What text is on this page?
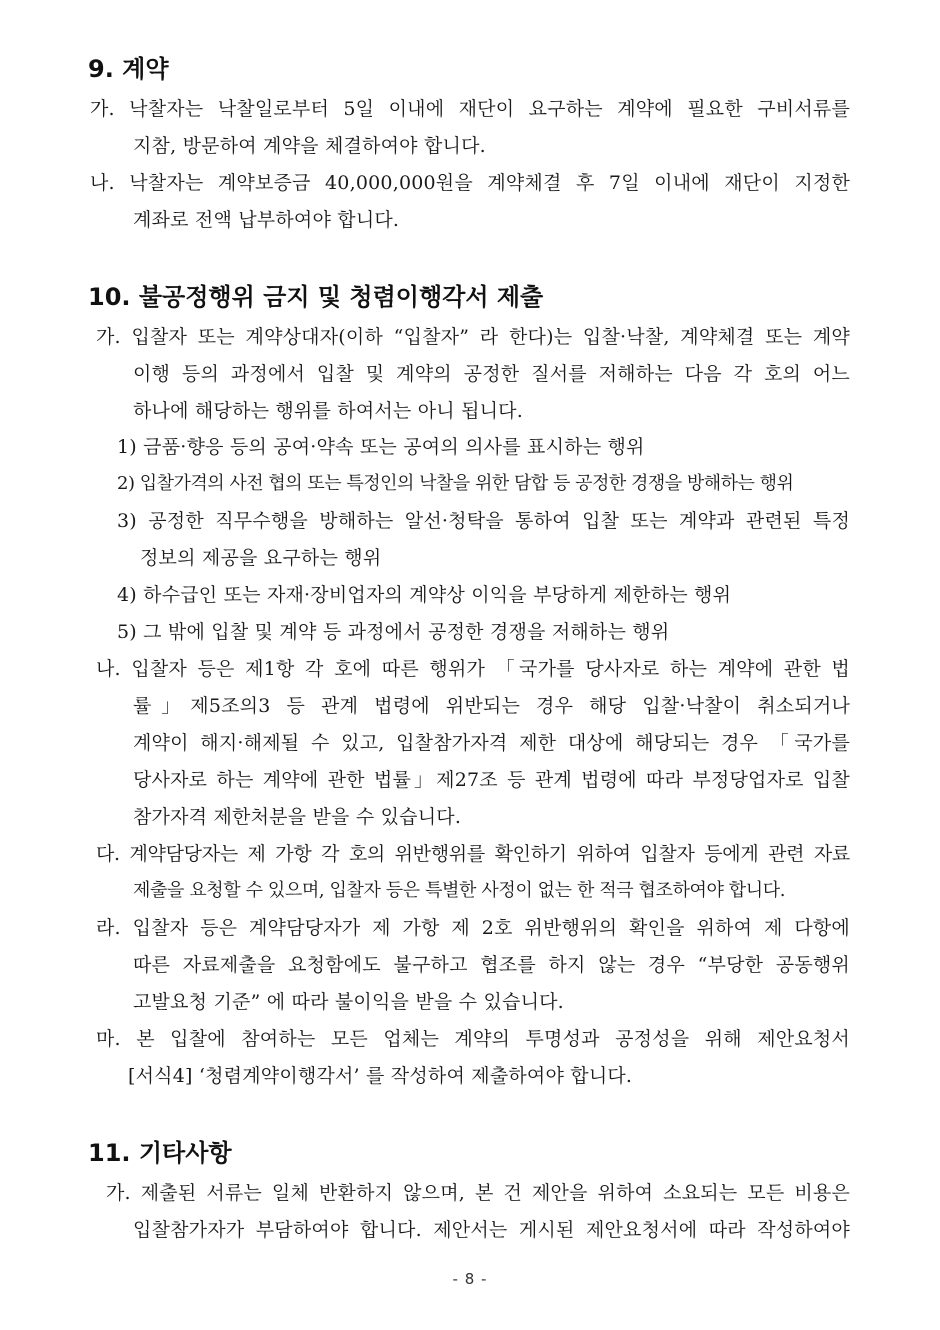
9. 계약
가. 낙찰자는 낙찰일로부터 5일 이내에 재단이 요구하는 계약에 필요한 구비서류를
지참, 방문하여 계약을 체결하여야 합니다.
나. 낙찰자는 계약보증금 40,000,000원을 계약체결 후 7일 이내에 재단이 지정한
계좌로 전액 납부하여야 합니다.
10. 불공정행위 금지 및 청렴이행각서 제출
가. 입찰자 또는 계약상대자(이하 “입찰자” 라 한다)는 입찰·낙찰, 계약체결 또는 계약
이행 등의 과정에서 입찰 및 계약의 공정한 질서를 저해하는 다음 각 호의 어느
하나에 해당하는 행위를 하여서는 아니 됩니다.
1) 금품·향응 등의 공여·약속 또는 공여의 의사를 표시하는 행위
2) 입찰가격의 사전 협의 또는 특정인의 낙찰을 위한 담합 등 공정한 경쟁을 방해하는 행위
3) 공정한 직무수행을 방해하는 알선·청탁을 통하여 입찰 또는 계약과 관련된 특정
정보의 제공을 요구하는 행위
4) 하수급인 또는 자재·장비업자의 계약상 이익을 부당하게 제한하는 행위
5) 그 밖에 입찰 및 계약 등 과정에서 공정한 경쟁을 저해하는 행위
나. 입찰자 등은 제1항 각 호에 따른 행위가 「국가를 당사자로 하는 계약에 관한 법
률」제5조의3 등 관계 법령에 위반되는 경우 해당 입찰·낙찰이 취소되거나
계약이 해지·해제될 수 있고, 입찰참가자격 제한 대상에 해당되는 경우 「국가를
당사자로 하는 계약에 관한 법률」제27조 등 관계 법령에 따라 부정당업자로 입찰
참가자격 제한처분을 받을 수 있습니다.
다. 계약담당자는 제 가항 각 호의 위반행위를 확인하기 위하여 입찰자 등에게 관련 자료
제출을 요청할 수 있으며, 입찰자 등은 특별한 사정이 없는 한 적극 협조하여야 합니다.
라. 입찰자 등은 계약담당자가 제 가항 제 2호 위반행위의 확인을 위하여 제 다항에
따른 자료제출을 요청함에도 불구하고 협조를 하지 않는 경우 “부당한 공동행위
고발요청 기준” 에 따라 불이익을 받을 수 있습니다.
마. 본 입찰에 참여하는 모든 업체는 계약의 투명성과 공정성을 위해 제안요청서
[서식4] ‘청렴계약이행각서’ 를 작성하여 제출하여야 합니다.
11. 기타사항
가. 제출된 서류는 일체 반환하지 않으며, 본 건 제안을 위하여 소요되는 모든 비용은
입찰참가자가 부담하여야 합니다. 제안서는 게시된 제안요청서에 따라 작성하여야
- 8 -
